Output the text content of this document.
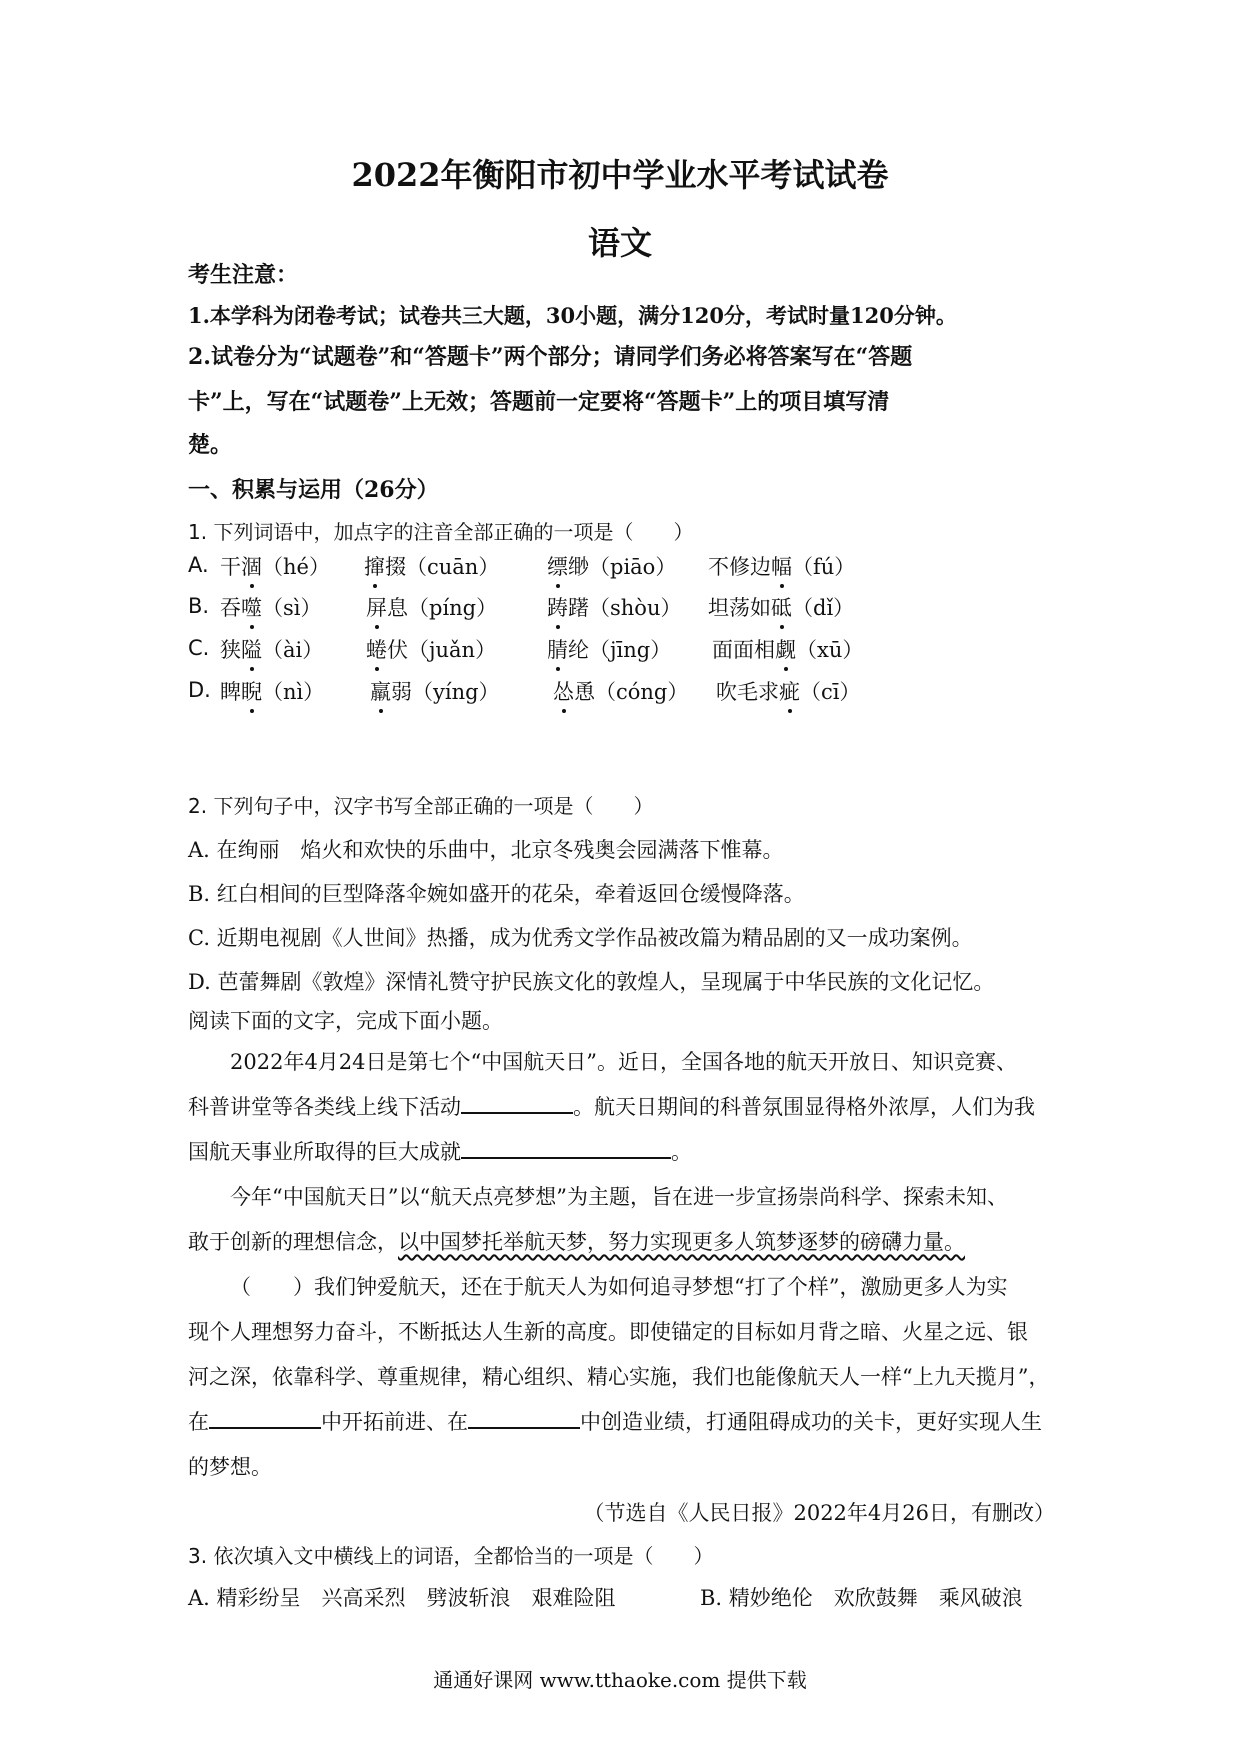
2022年衡阳市初中学业水平考试试卷
语文
考生注意：
1.本学科为闭卷考试；试卷共三大题，30小题，满分120分，考试时量120分钟。
2.试卷分为“试题卷”和“答题卡”两个部分；请同学们务必将答案写在“答题
卡”上，写在“试题卷”上无效；答题前一定要将“答题卡”上的项目填写清
楚。
一、积累与运用（26分）
1. 下列词语中，加点字的注音全部正确的一项是（　　）
A. 干涸（hé） 撺掇（cuān） 缥缈（piāo） 不修边幅（fú）
B. 吞噬（sì） 屏息（píng） 踌躇（shòu） 坦荡如砥（dǐ）
C. 狭隘（ài） 蜷伏（juǎn） 腈纶（jīng） 面面相觑（xū）
D. 睥睨（nì） 羸弱（yíng）	怂恿（cóng） 吹毛求疵（cī）
2. 下列句子中，汉字书写全部正确的一项是（　　）
A. 在绚丽　焰火和欢快的乐曲中，北京冬残奥会园满落下惟幕。
B. 红白相间的巨型降落伞婉如盛开的花朵，牵着返回仓缓慢降落。
C. 近期电视剧《人世间》热播，成为优秀文学作品被改篇为精品剧的又一成功案例。
D. 芭蕾舞剧《敦煌》深情礼赞守护民族文化的敦煌人，呈现属于中华民族的文化记忆。
阅读下面的文字，完成下面小题。
2022年4月24日是第七个“中国航天日”。近日，全国各地的航天开放日、知识竞赛、
科普讲堂等各类线上线下活动	。航天日期间的科普氛围显得格外浓厚，人们为我
国航天事业所取得的巨大成就	。
今年“中国航天日”以“航天点亮梦想”为主题，旨在进一步宣扬崇尚科学、探索未知、
敢于创新的理想信念，以中国梦托举航天梦，努力实现更多人筑梦逐梦的磅礴力量。
（　　）我们钟爱航天，还在于航天人为如何追寻梦想“打了个样”，激励更多人为实
现个人理想努力奋斗，不断抵达人生新的高度。即使锚定的目标如月背之暗、火星之远、银
河之深，依靠科学、尊重规律，精心组织、精心实施，我们也能像航天人一样“上九天揽月”，
在	中开拓前进、在	中创造业绩，打通阻碍成功的关卡，更好实现人生
的梦想。
（节选自《人民日报》2022年4月26日，有删改）
3. 依次填入文中横线上的词语，全都恰当的一项是（　　）
A. 精彩纷呈　兴高采烈　劈波斩浪　艰难险阻	B. 精妙绝伦　欢欣鼓舞　乘风破浪
通通好课网 www.tthaoke.com 提供下载
